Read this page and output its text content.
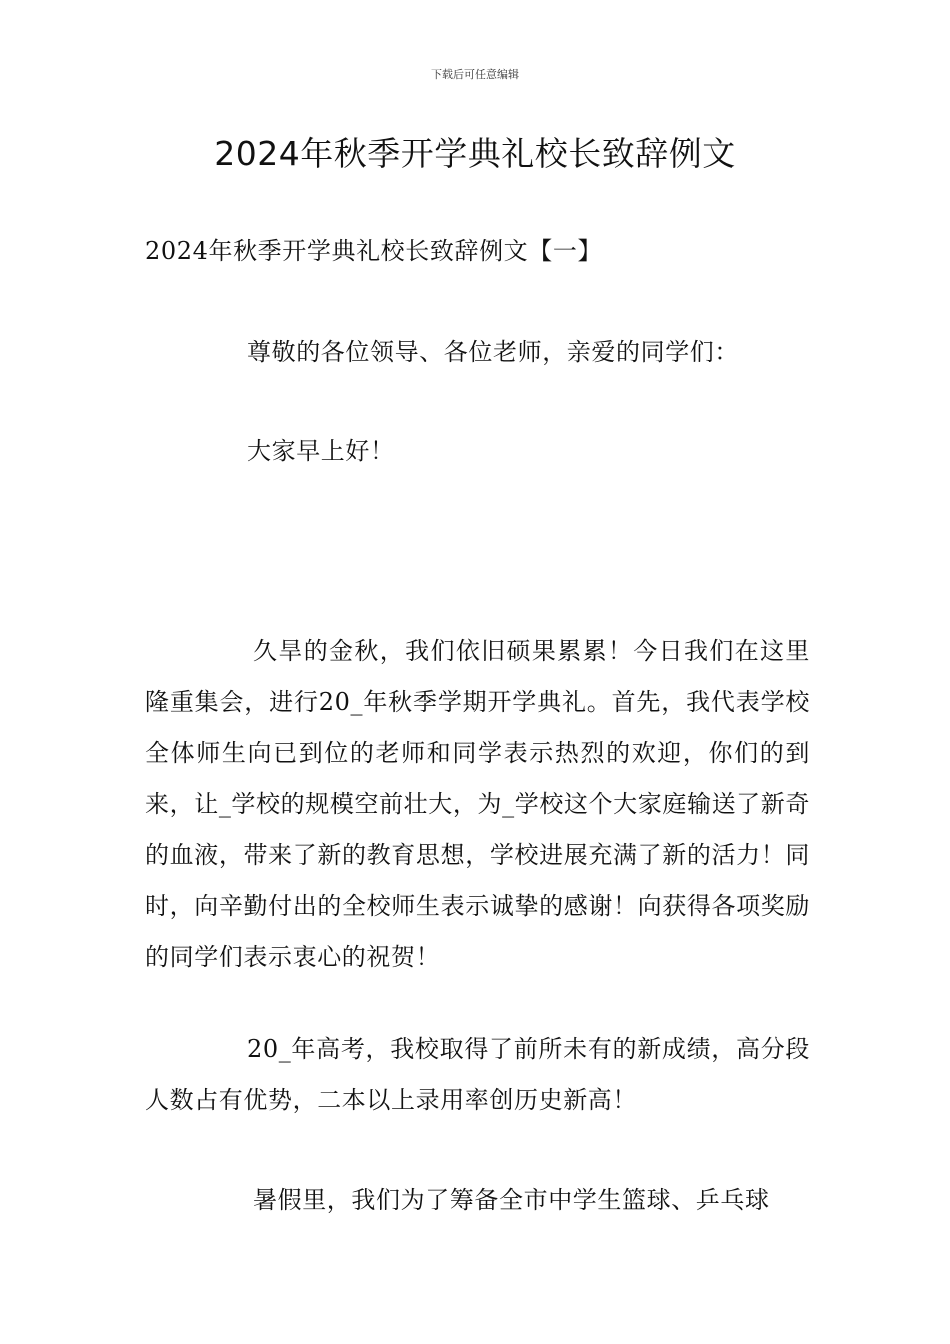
下载后可任意编辑
2024年秋季开学典礼校长致辞例文

2024年秋季开学典礼校长致辞例文【一】

尊敬的各位领导、各位老师，亲爱的同学们：

大家早上好！

久旱的金秋，我们依旧硕果累累！今日我们在这里隆重集会，进行20_年秋季学期开学典礼。首先，我代表学校全体师生向已到位的老师和同学表示热烈的欢迎，你们的到来，让_学校的规模空前壮大，为_学校这个大家庭输送了新奇的血液，带来了新的教育思想，学校进展充满了新的活力！同时，向辛勤付出的全校师生表示诚挚的感谢！向获得各项奖励的同学们表示衷心的祝贺！

20_年高考，我校取得了前所未有的新成绩，高分段人数占有优势，二本以上录用率创历史新高！

暑假里，我们为了筹备全市中学生篮球、乒乓球
